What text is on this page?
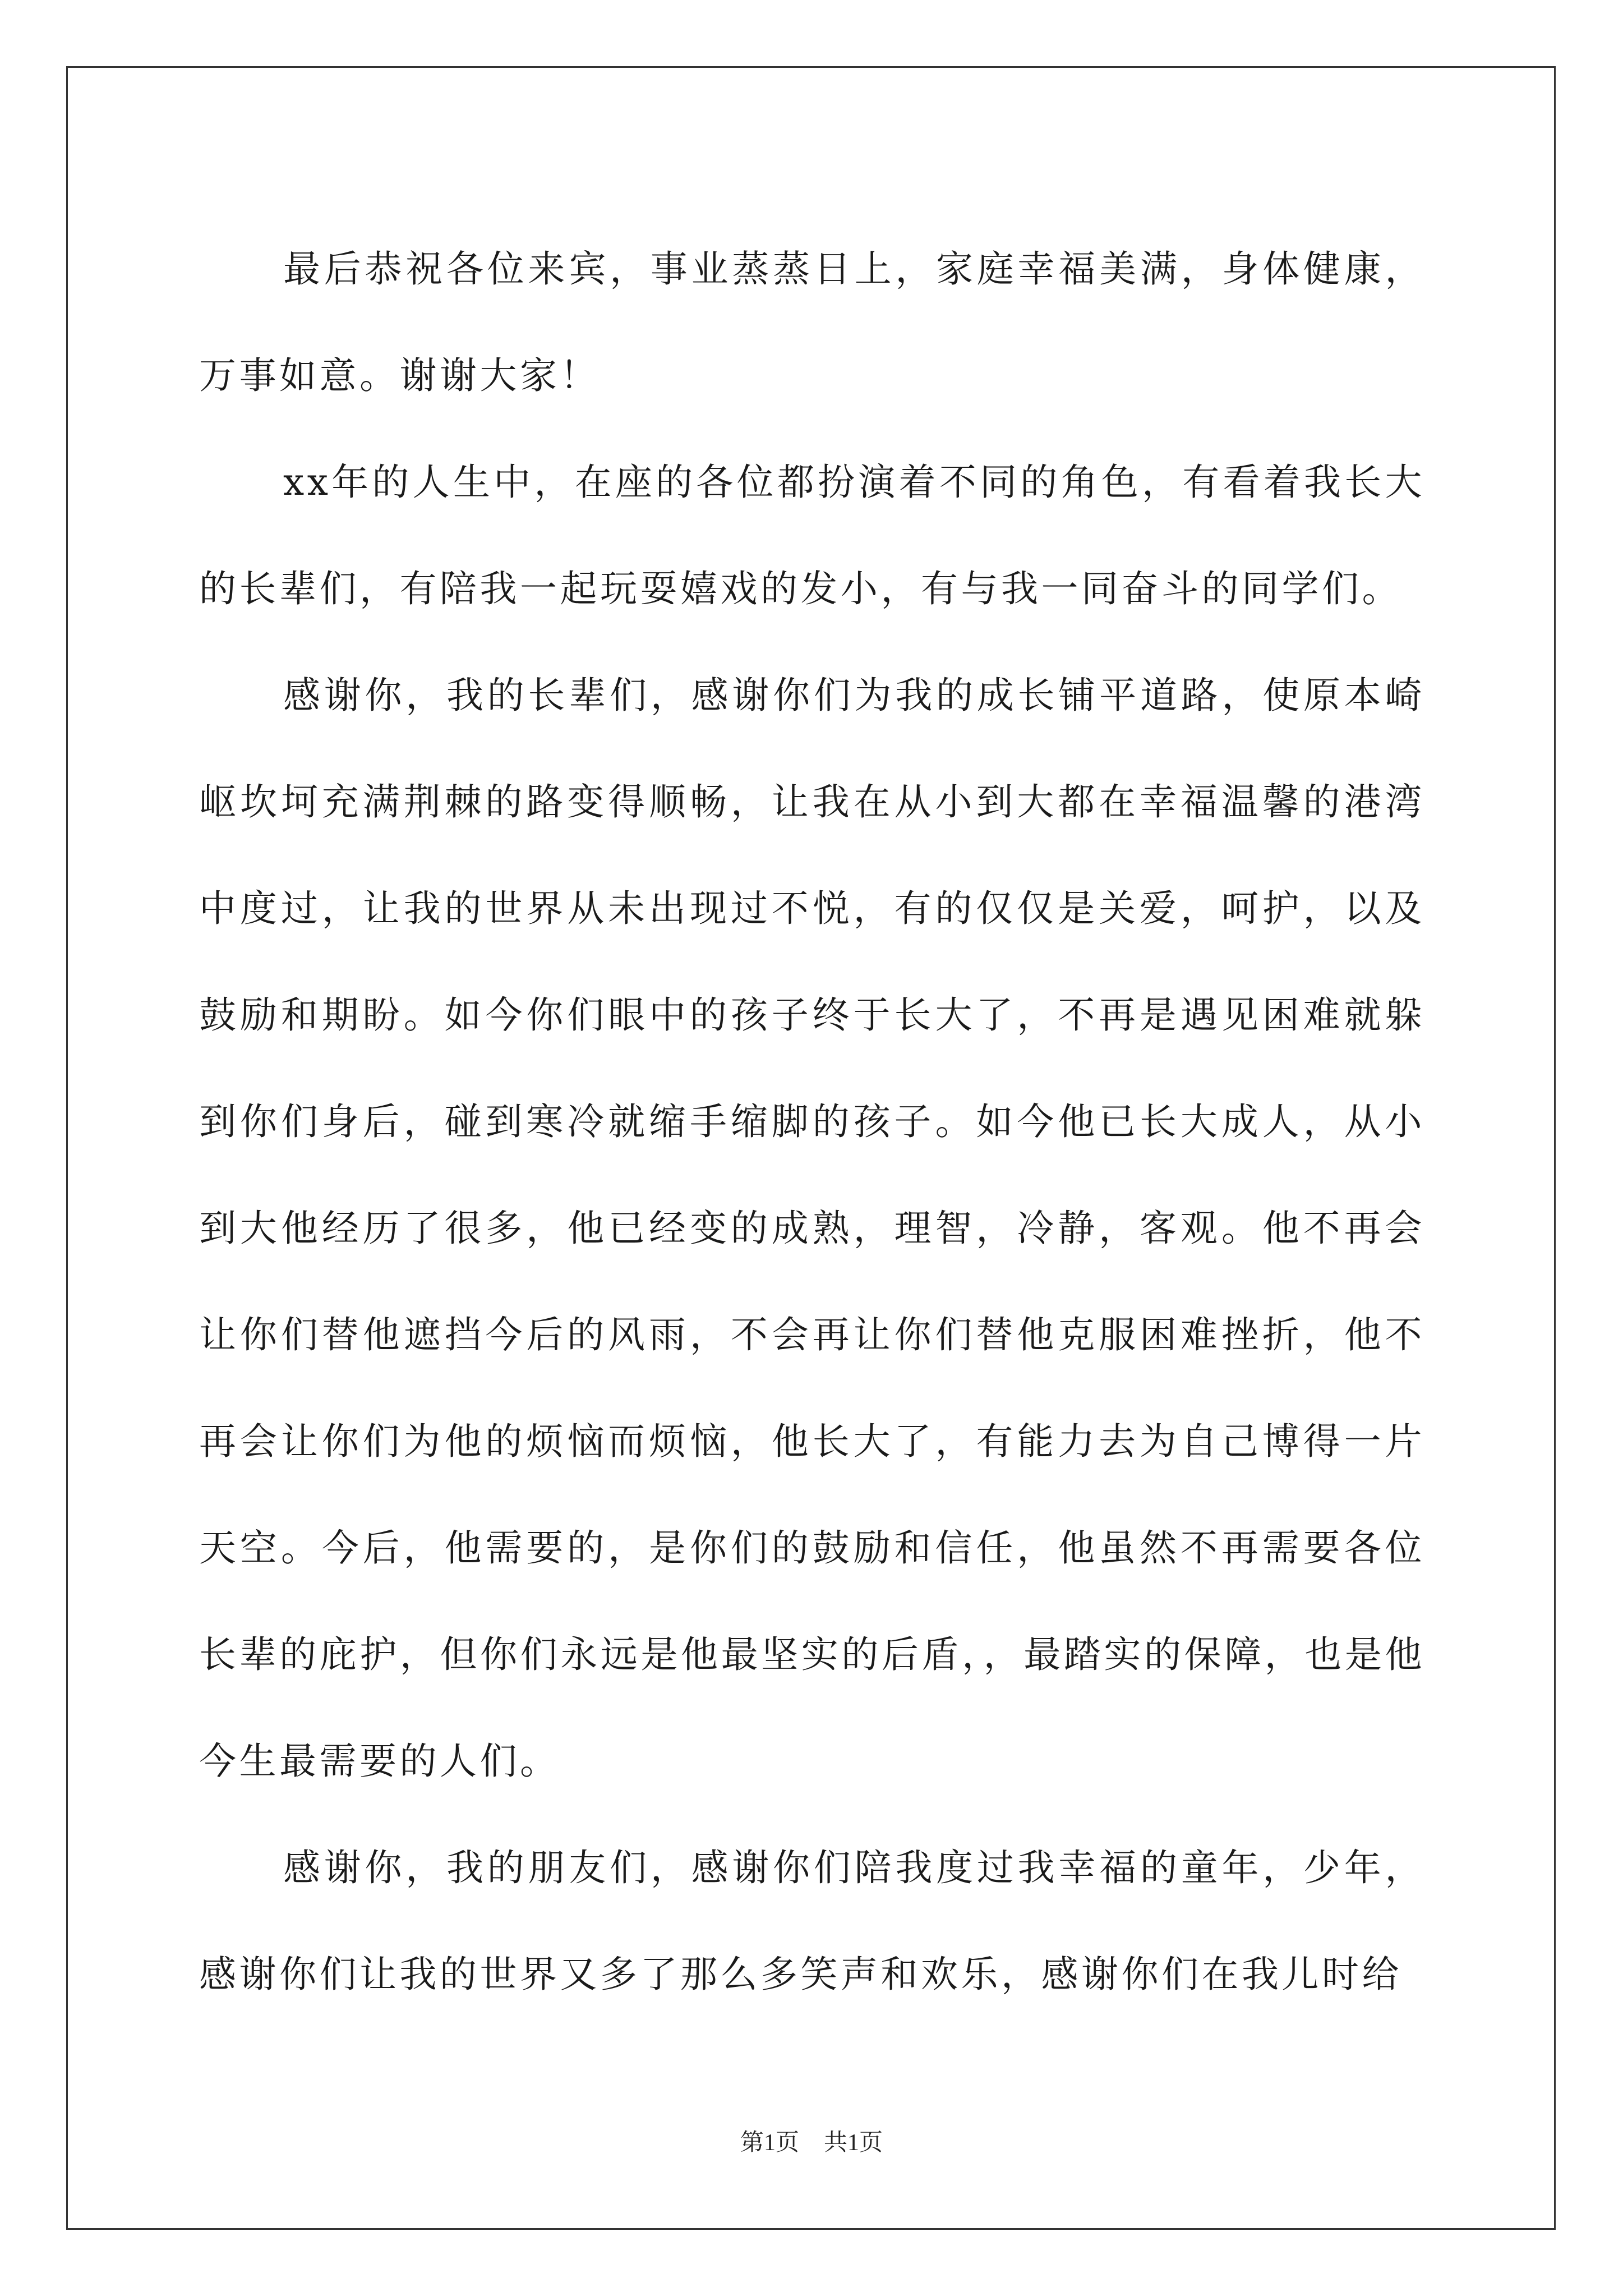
最后恭祝各位来宾，事业蒸蒸日上，家庭幸福美满，身体健康，万事如意。谢谢大家！

xx年的人生中，在座的各位都扮演着不同的角色，有看着我长大的长辈们，有陪我一起玩耍嬉戏的发小，有与我一同奋斗的同学们。

感谢你，我的长辈们，感谢你们为我的成长铺平道路，使原本崎岖坎坷充满荆棘的路变得顺畅，让我在从小到大都在幸福温馨的港湾中度过，让我的世界从未出现过不悦，有的仅仅是关爱，呵护，以及鼓励和期盼。如今你们眼中的孩子终于长大了，不再是遇见困难就躲到你们身后，碰到寒冷就缩手缩脚的孩子。如今他已长大成人，从小到大他经历了很多，他已经变的成熟，理智，冷静，客观。他不再会让你们替他遮挡今后的风雨，不会再让你们替他克服困难挫折，他不再会让你们为他的烦恼而烦恼，他长大了，有能力去为自己博得一片天空。今后，他需要的，是你们的鼓励和信任，他虽然不再需要各位长辈的庇护，但你们永远是他最坚实的后盾，，最踏实的保障，也是他今生最需要的人们。

感谢你，我的朋友们，感谢你们陪我度过我幸福的童年，少年，感谢你们让我的世界又多了那么多笑声和欢乐，感谢你们在我儿时给

第1页 共1页
